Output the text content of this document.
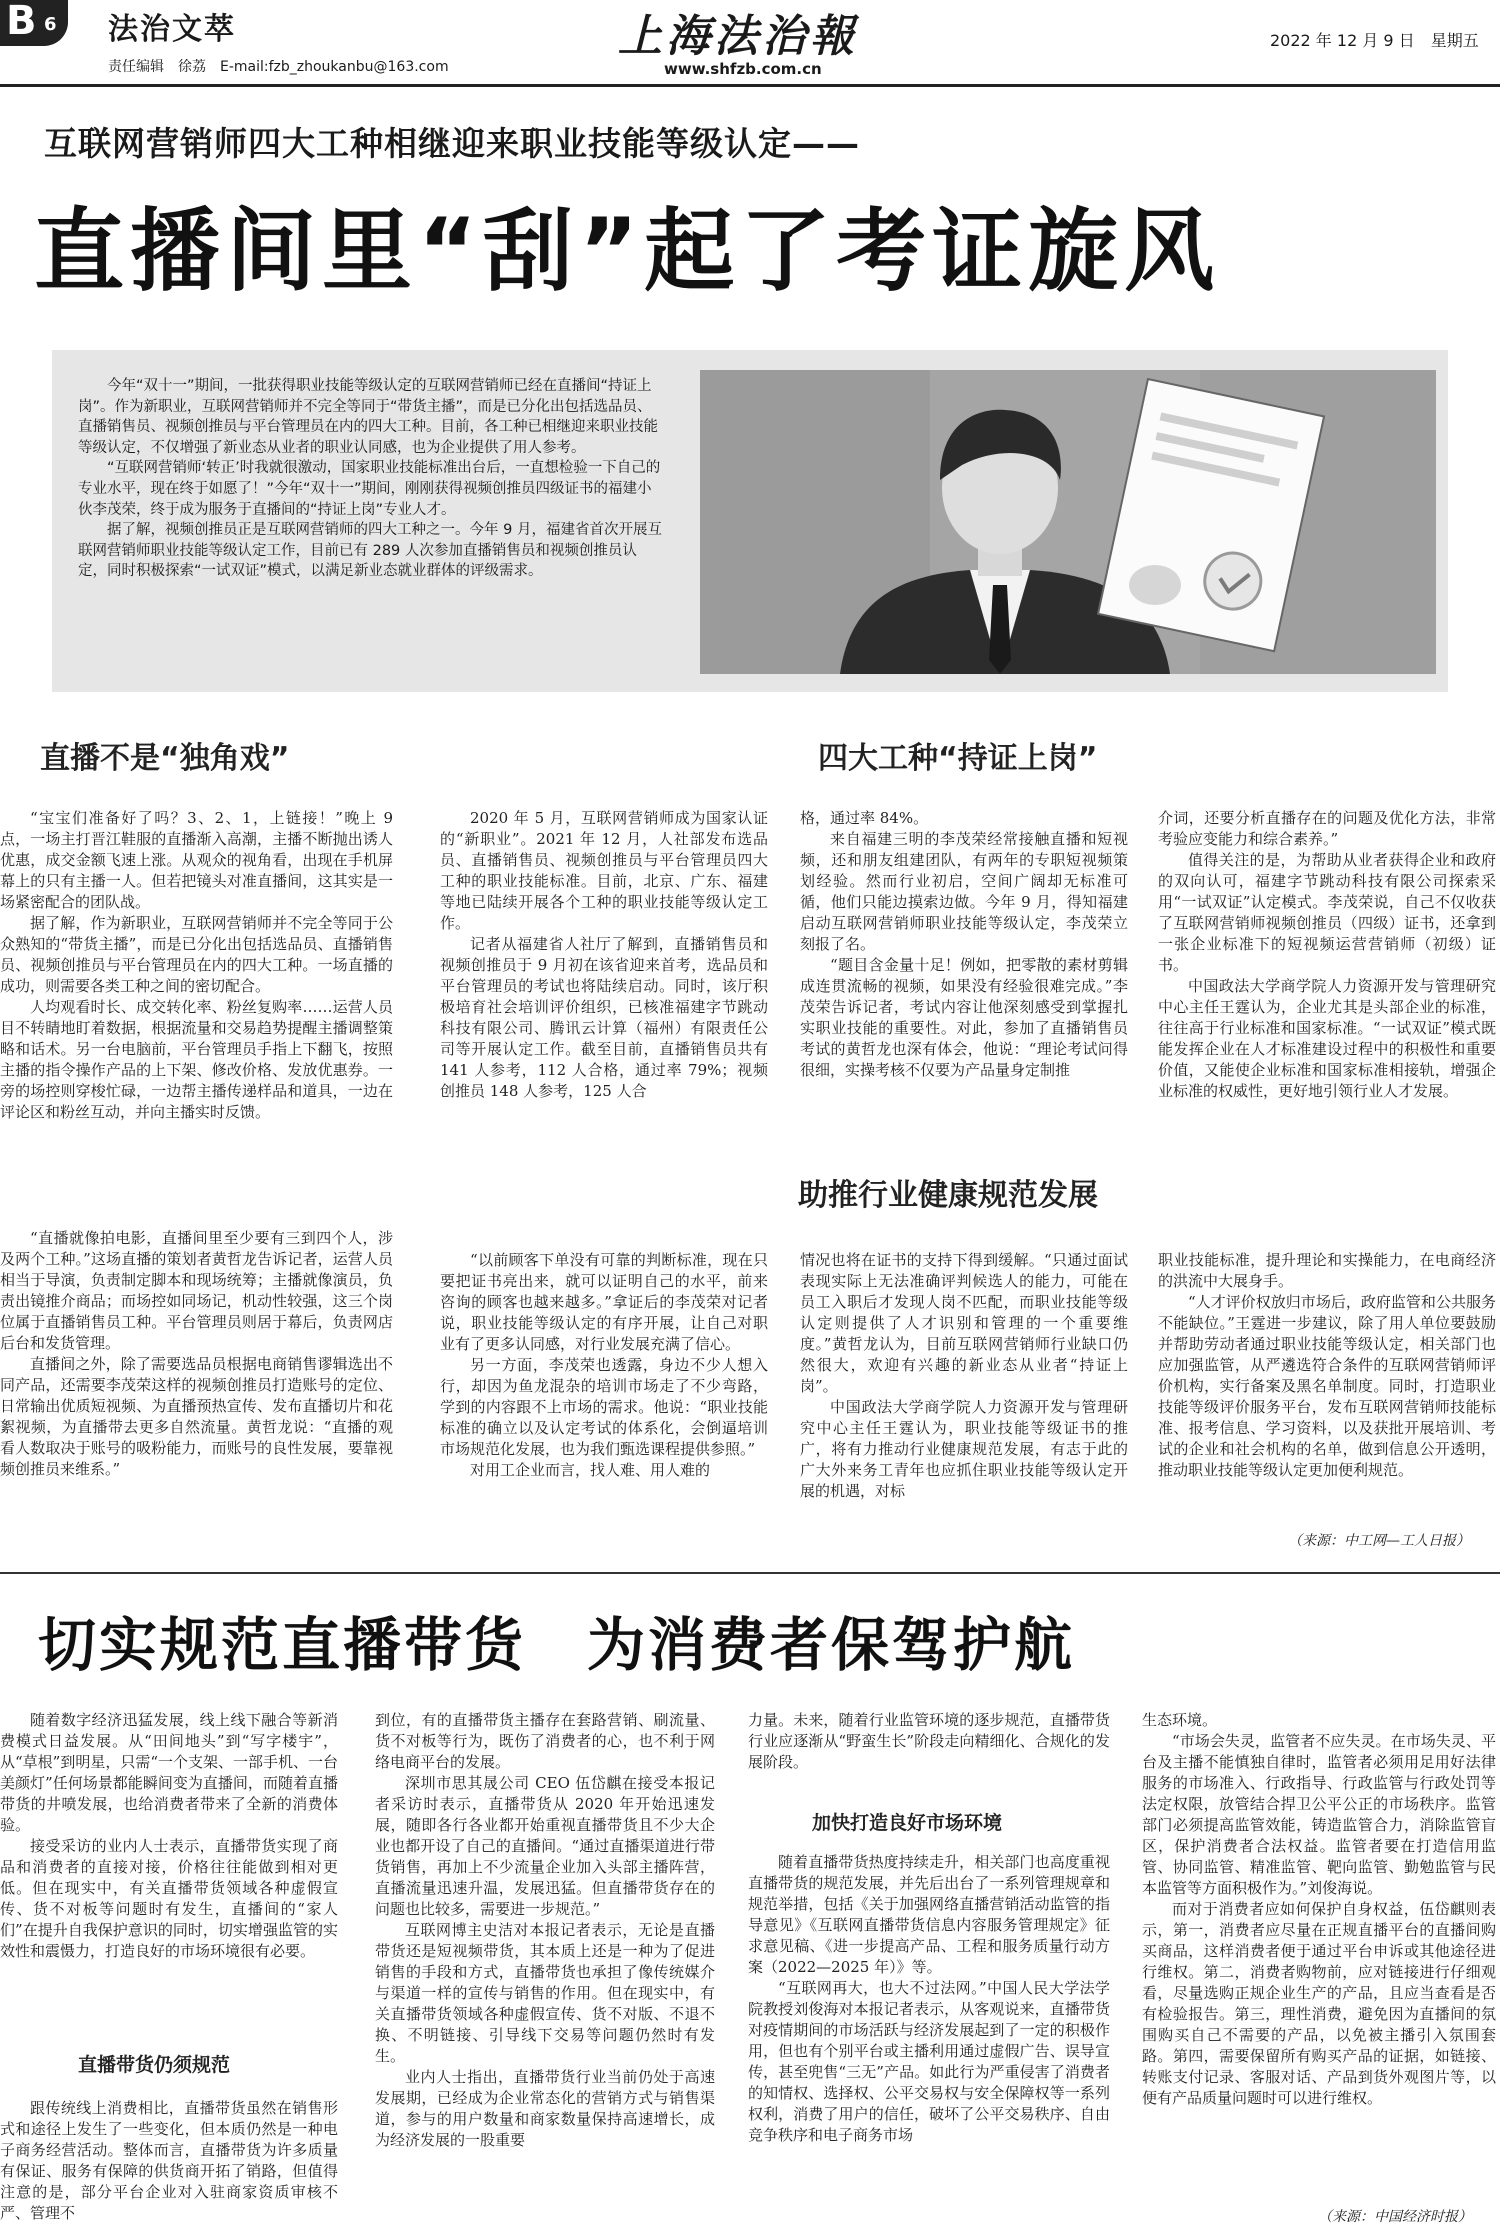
B 6 法治文萃
责任编辑　徐荔　E-mail:fzb_zhoukanbu@163.com
上海法治報
www.shfzb.com.cn
2022 年 12 月 9 日　星期五
互联网营销师四大工种相继迎来职业技能等级认定——
直播间里“刮”起了考证旋风

今年“双十一”期间，一批获得职业技能等级认定的互联网营销师已经在直播间“持证上岗”。作为新职业，互联网营销师并不完全等同于“带货主播”，而是已分化出包括选品员、直播销售员、视频创推员与平台管理员在内的四大工种。目前，各工种已相继迎来职业技能等级认定，不仅增强了新业态从业者的职业认同感，也为企业提供了用人参考。

“互联网营销师‘转正’时我就很激动，国家职业技能标准出台后，一直想检验一下自己的专业水平，现在终于如愿了！”今年“双十一”期间，刚刚获得视频创推员四级证书的福建小伙李茂荣，终于成为服务于直播间的“持证上岗”专业人才。

据了解，视频创推员正是互联网营销师的四大工种之一。今年 9 月，福建省首次开展互联网营销师职业技能等级认定工作，目前已有 289 人次参加直播销售员和视频创推员认定，同时积极探索“一试双证”模式，以满足新业态就业群体的评级需求。

直播不是“独角戏”	四大工种“持证上岗”
助推行业健康规范发展

“宝宝们准备好了吗？3、2、1，上链接！”晚上 9 点，一场主打晋江鞋服的直播渐入高潮，主播不断抛出诱人优惠，成交金额飞速上涨。从观众的视角看，出现在手机屏幕上的只有主播一人。但若把镜头对准直播间，这其实是一场紧密配合的团队战。

据了解，作为新职业，互联网营销师并不完全等同于公众熟知的“带货主播”，而是已分化出包括选品员、直播销售员、视频创推员与平台管理员在内的四大工种。一场直播的成功，则需要各类工种之间的密切配合。

人均观看时长、成交转化率、粉丝复购率……运营人员目不转睛地盯着数据，根据流量和交易趋势提醒主播调整策略和话术。另一台电脑前，平台管理员手指上下翻飞，按照主播的指令操作产品的上下架、修改价格、发放优惠券。一旁的场控则穿梭忙碌，一边帮主播传递样品和道具，一边在评论区和粉丝互动，并向主播实时反馈。

“直播就像拍电影，直播间里至少要有三到四个人，涉及两个工种。”这场直播的策划者黄哲龙告诉记者，运营人员相当于导演，负责制定脚本和现场统筹；主播就像演员，负责出镜推介商品；而场控如同场记，机动性较强，这三个岗位属于直播销售员工种。平台管理员则居于幕后，负责网店后台和发货管理。

直播间之外，除了需要选品员根据电商销售谬辑选出不同产品，还需要李茂荣这样的视频创推员打造账号的定位、日常输出优质短视频、为直播预热宣传、发布直播切片和花絮视频，为直播带去更多自然流量。黄哲龙说：“直播的观看人数取决于账号的吸粉能力，而账号的良性发展，要靠视频创推员来维系。”

2020 年 5 月，互联网营销师成为国家认证的“新职业”。2021 年 12 月，人社部发布选品员、直播销售员、视频创推员与平台管理员四大工种的职业技能标准。目前，北京、广东、福建等地已陆续开展各个工种的职业技能等级认定工作。

记者从福建省人社厅了解到，直播销售员和视频创推员于 9 月初在该省迎来首考，选品员和平台管理员的考试也将陆续启动。同时，该厅积极培育社会培训评价组织，已核准福建字节跳动科技有限公司、腾讯云计算（福州）有限责任公司等开展认定工作。截至目前，直播销售员共有 141 人参考，112 人合格，通过率 79%；视频创推员 148 人参考，125 人合

“以前顾客下单没有可靠的判断标准，现在只要把证书亮出来，就可以证明自己的水平，前来咨询的顾客也越来越多。”拿证后的李茂荣对记者说，职业技能等级认定的有序开展，让自己对职业有了更多认同感，对行业发展充满了信心。

另一方面，李茂荣也透露，身边不少人想入行，却因为鱼龙混杂的培训市场走了不少弯路，学到的内容跟不上市场的需求。他说：“职业技能标准的确立以及认定考试的体系化，会倒逼培训市场规范化发展，也为我们甄选课程提供参照。”

对用工企业而言，找人难、用人难的

格，通过率 84%。

来自福建三明的李茂荣经常接触直播和短视频，还和朋友组建团队，有两年的专职短视频策划经验。然而行业初启，空间广阔却无标准可循，他们只能边摸索边做。今年 9 月，得知福建启动互联网营销师职业技能等级认定，李茂荣立刻报了名。

“题目含金量十足！例如，把零散的素材剪辑成连贯流畅的视频，如果没有经验很难完成。”李茂荣告诉记者，考试内容让他深刻感受到掌握扎实职业技能的重要性。对此，参加了直播销售员考试的黄哲龙也深有体会，他说：“理论考试问得很细，实操考核不仅要为产品量身定制推

情况也将在证书的支持下得到缓解。“只通过面试表现实际上无法准确评判候选人的能力，可能在员工入职后才发现人岗不匹配，而职业技能等级认定则提供了人才识别和管理的一个重要维度。”黄哲龙认为，目前互联网营销师行业缺口仍然很大，欢迎有兴趣的新业态从业者“持证上岗”。

中国政法大学商学院人力资源开发与管理研究中心主任王霆认为，职业技能等级证书的推广，将有力推动行业健康规范发展，有志于此的广大外来务工青年也应抓住职业技能等级认定开展的机遇，对标

介词，还要分析直播存在的问题及优化方法，非常考验应变能力和综合素养。”

值得关注的是，为帮助从业者获得企业和政府的双向认可，福建字节跳动科技有限公司探索采用“一试双证”认定模式。李茂荣说，自己不仅收获了互联网营销师视频创推员（四级）证书，还拿到一张企业标准下的短视频运营营销师（初级）证书。

中国政法大学商学院人力资源开发与管理研究中心主任王霆认为，企业尤其是头部企业的标准，往往高于行业标准和国家标准。“一试双证”模式既能发挥企业在人才标准建设过程中的积极性和重要价值，又能使企业标准和国家标准相接轨，增强企业标准的权威性，更好地引领行业人才发展。

职业技能标准，提升理论和实操能力，在电商经济的洪流中大展身手。

“人才评价权放归市场后，政府监管和公共服务不能缺位。”王霆进一步建议，除了用人单位要鼓励并帮助劳动者通过职业技能等级认定，相关部门也应加强监管，从严遴选符合条件的互联网营销师评价机构，实行备案及黑名单制度。同时，打造职业技能等级评价服务平台，发布互联网营销师技能标准、报考信息、学习资料，以及获批开展培训、考试的企业和社会机构的名单，做到信息公开透明，推动职业技能等级认定更加便利规范。

（来源：中工网—工人日报）
切实规范直播带货　为消费者保驾护航

随着数字经济迅猛发展，线上线下融合等新消费模式日益发展。从“田间地头”到“写字楼宇”，从“草根”到明星，只需“一个支架、一部手机、一台美颜灯”任何场景都能瞬间变为直播间，而随着直播带货的井喷发展，也给消费者带来了全新的消费体验。

接受采访的业内人士表示，直播带货实现了商品和消费者的直接对接，价格往往能做到相对更低。但在现实中，有关直播带货领域各种虚假宣传、货不对板等问题时有发生，直播间的“家人们”在提升自我保护意识的同时，切实增强监管的实效性和震慑力，打造良好的市场环境很有必要。

直播带货仍须规范

跟传统线上消费相比，直播带货虽然在销售形式和途径上发生了一些变化，但本质仍然是一种电子商务经营活动。整体而言，直播带货为许多质量有保证、服务有保障的供货商开拓了销路，但值得注意的是，部分平台企业对入驻商家资质审核不严、管理不

到位，有的直播带货主播存在套路营销、刷流量、货不对板等行为，既伤了消费者的心，也不利于网络电商平台的发展。

深圳市思其晟公司 CEO 伍岱麒在接受本报记者采访时表示，直播带货从 2020 年开始迅速发展，随即各行各业都开始重视直播带货且不少大企业也都开设了自己的直播间。“通过直播渠道进行带货销售，再加上不少流量企业加入头部主播阵营，直播流量迅速升温，发展迅猛。但直播带货存在的问题也比较多，需要进一步规范。”

互联网博主史洁对本报记者表示，无论是直播带货还是短视频带货，其本质上还是一种为了促进销售的手段和方式，直播带货也承担了像传统媒介与渠道一样的宣传与销售的作用。但在现实中，有关直播带货领域各种虚假宣传、货不对版、不退不换、不明链接、引导线下交易等问题仍然时有发生。

业内人士指出，直播带货行业当前仍处于高速发展期，已经成为企业常态化的营销方式与销售渠道，参与的用户数量和商家数量保持高速增长，成为经济发展的一股重要

力量。未来，随着行业监管环境的逐步规范，直播带货行业应逐渐从“野蛮生长”阶段走向精细化、合规化的发展阶段。

加快打造良好市场环境

随着直播带货热度持续走升，相关部门也高度重视直播带货的规范发展，并先后出台了一系列管理规章和规范举措，包括《关于加强网络直播营销活动监管的指导意见》《互联网直播带货信息内容服务管理规定》征求意见稿、《进一步提高产品、工程和服务质量行动方案（2022—2025 年）》等。

“互联网再大，也大不过法网。”中国人民大学法学院教授刘俊海对本报记者表示，从客观说来，直播带货对疫情期间的市场活跃与经济发展起到了一定的积极作用，但也有个别平台或主播利用通过虚假广告、误导宣传，甚至兜售“三无”产品。如此行为严重侵害了消费者的知情权、选择权、公平交易权与安全保障权等一系列权利，消费了用户的信任，破坏了公平交易秩序、自由竞争秩序和电子商务市场

生态环境。

“市场会失灵，监管者不应失灵。在市场失灵、平台及主播不能慎独自律时，监管者必须用足用好法律服务的市场准入、行政指导、行政监管与行政处罚等法定权限，放管结合捍卫公平公正的市场秩序。监管部门必须提高监管效能，铸造监管合力，消除监管盲区，保护消费者合法权益。监管者要在打造信用监管、协同监管、精准监管、靶向监管、勤勉监管与民本监管等方面积极作为。”刘俊海说。

而对于消费者应如何保护自身权益，伍岱麒则表示，第一，消费者应尽量在正规直播平台的直播间购买商品，这样消费者便于通过平台申诉或其他途径进行维权。第二，消费者购物前，应对链接进行仔细观看，尽量选购正规企业生产的产品，且应当查看是否有检验报告。第三，理性消费，避免因为直播间的氛围购买自己不需要的产品，以免被主播引入氛围套路。第四，需要保留所有购买产品的证据，如链接、转账支付记录、客服对话、产品到货外观图片等，以便有产品质量问题时可以进行维权。

（来源：中国经济时报）
